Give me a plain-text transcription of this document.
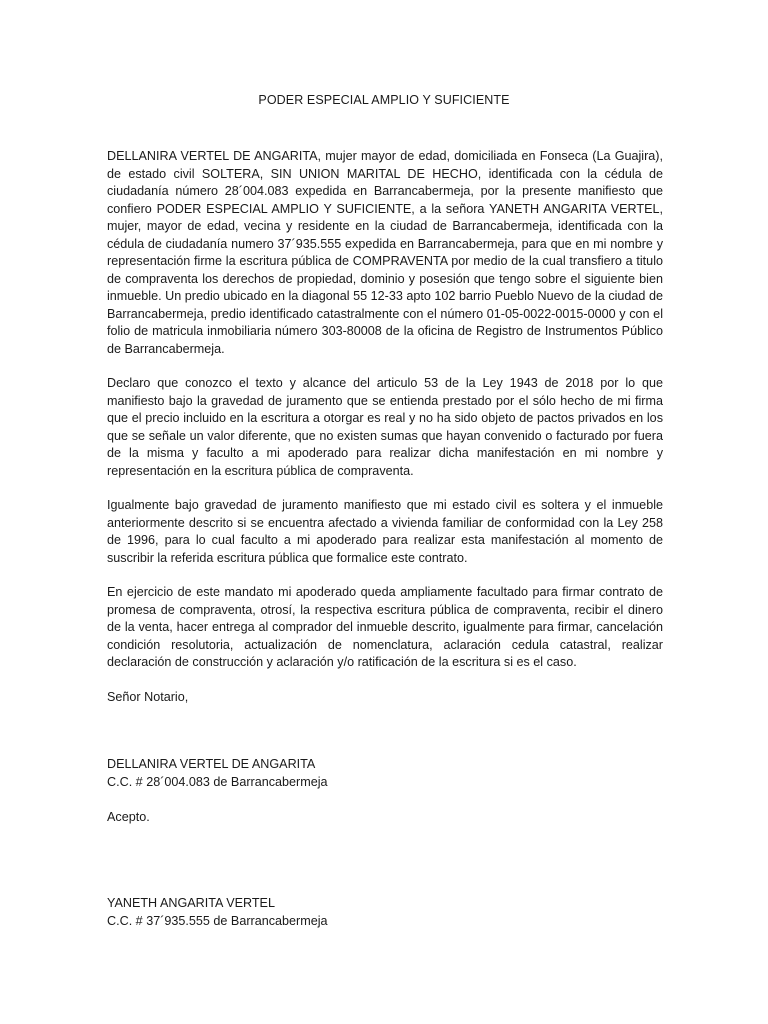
PODER ESPECIAL AMPLIO Y SUFICIENTE

DELLANIRA VERTEL DE ANGARITA, mujer mayor de edad, domiciliada en Fonseca (La Guajira), de estado civil SOLTERA, SIN UNION MARITAL DE HECHO, identificada con la cédula de ciudadanía número 28´004.083 expedida en Barrancabermeja, por la presente manifiesto que confiero PODER ESPECIAL AMPLIO Y SUFICIENTE, a la señora YANETH ANGARITA VERTEL, mujer, mayor de edad, vecina y residente en la ciudad de Barrancabermeja, identificada con la cédula de ciudadanía numero 37´935.555 expedida en Barrancabermeja, para que en mi nombre y representación firme la escritura pública de COMPRAVENTA por medio de la cual transfiero a titulo de compraventa los derechos de propiedad, dominio y posesión que tengo sobre el siguiente bien inmueble. Un predio ubicado en la diagonal 55 12-33 apto 102 barrio Pueblo Nuevo de la ciudad de Barrancabermeja, predio identificado catastralmente con el número 01-05-0022-0015-0000 y con el folio de matricula inmobiliaria número 303-80008 de la oficina de Registro de Instrumentos Público de Barrancabermeja.

Declaro que conozco el texto y alcance del articulo 53 de la Ley 1943 de 2018 por lo que manifiesto bajo la gravedad de juramento que se entienda prestado por el sólo hecho de mi firma que el precio incluido en la escritura a otorgar es real y no ha sido objeto de pactos privados en los que se señale un valor diferente, que no existen sumas que hayan convenido o facturado por fuera de la misma y faculto a mi apoderado para realizar dicha manifestación en mi nombre y representación en la escritura pública de compraventa.

Igualmente bajo gravedad de juramento manifiesto que mi estado civil es soltera y el inmueble anteriormente descrito si se encuentra afectado a vivienda familiar de conformidad con la Ley 258 de 1996, para lo cual faculto a mi apoderado para realizar esta manifestación al momento de suscribir la referida escritura pública que formalice este contrato.

En ejercicio de este mandato mi apoderado queda ampliamente facultado para firmar contrato de promesa de compraventa, otrosí, la respectiva escritura pública de compraventa, recibir el dinero de la venta, hacer entrega al comprador del inmueble descrito, igualmente para firmar, cancelación condición resolutoria, actualización de nomenclatura, aclaración cedula catastral, realizar declaración de construcción y aclaración y/o ratificación de la escritura si es el caso.

Señor Notario,
DELLANIRA VERTEL DE ANGARITA
C.C. # 28´004.083 de Barrancabermeja
Acepto.
YANETH ANGARITA VERTEL
C.C. # 37´935.555 de Barrancabermeja
